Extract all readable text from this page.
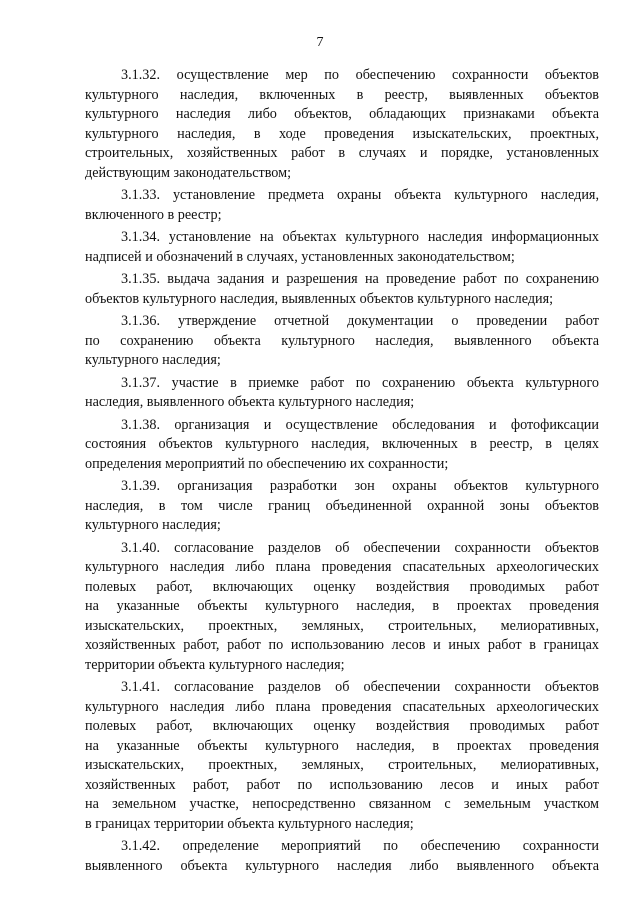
7
3.1.32. осуществление мер по обеспечению сохранности объектов
культурного наследия, включенных в реестр, выявленных объектов
культурного наследия либо объектов, обладающих признаками объекта
культурного наследия, в ходе проведения изыскательских, проектных,
строительных, хозяйственных работ в случаях и порядке, установленных
действующим законодательством;
3.1.33. установление предмета охраны объекта культурного наследия,
включенного в реестр;
3.1.34. установление на объектах культурного наследия информационных
надписей и обозначений в случаях, установленных законодательством;
3.1.35. выдача задания и разрешения на проведение работ по сохранению
объектов культурного наследия, выявленных объектов культурного наследия;
3.1.36. утверждение отчетной документации о проведении работ
по сохранению объекта культурного наследия, выявленного объекта
культурного наследия;
3.1.37. участие в приемке работ по сохранению объекта культурного
наследия, выявленного объекта культурного наследия;
3.1.38. организация и осуществление обследования и фотофиксации
состояния объектов культурного наследия, включенных в реестр, в целях
определения мероприятий по обеспечению их сохранности;
3.1.39. организация разработки зон охраны объектов культурного
наследия, в том числе границ объединенной охранной зоны объектов
культурного наследия;
3.1.40. согласование разделов об обеспечении сохранности объектов
культурного наследия либо плана проведения спасательных археологических
полевых работ, включающих оценку воздействия проводимых работ
на указанные объекты культурного наследия, в проектах проведения
изыскательских, проектных, земляных, строительных, мелиоративных,
хозяйственных работ, работ по использованию лесов и иных работ в границах
территории объекта культурного наследия;
3.1.41. согласование разделов об обеспечении сохранности объектов
культурного наследия либо плана проведения спасательных археологических
полевых работ, включающих оценку воздействия проводимых работ
на указанные объекты культурного наследия, в проектах проведения
изыскательских, проектных, земляных, строительных, мелиоративных,
хозяйственных работ, работ по использованию лесов и иных работ
на земельном участке, непосредственно связанном с земельным участком
в границах территории объекта культурного наследия;
3.1.42. определение мероприятий по обеспечению сохранности
выявленного объекта культурного наследия либо выявленного объекта
